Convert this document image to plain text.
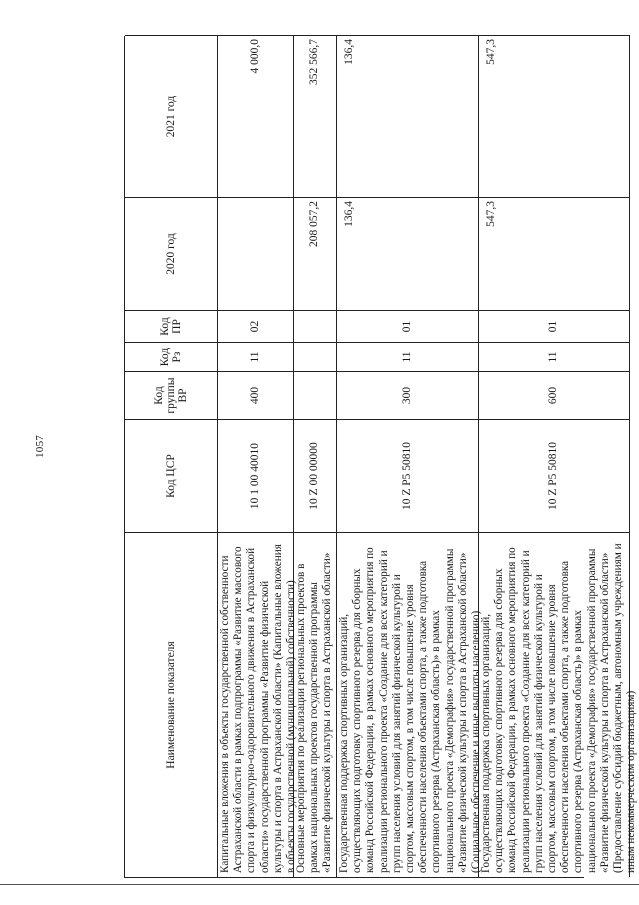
1057
Наименование показателя
Код ЦСР
Код группы ВР
Код Рз
Код ПР
2020 год
2021 год
Капитальные вложения в объекты государственной собственности Астраханской области в рамках подпрограммы «Развитие массового спорта и физкультурно-оздоровительного движения в Астраханской области» государственной программы «Развитие физической культуры и спорта в Астраханской области» (Капитальные вложения в объекты государственной (муниципальной) собственности)
10 1 00 40010
400
11
02
4 000,0
Основные мероприятия по реализации региональных проектов в рамках национальных проектов государственной программы «Развитие физической культуры и спорта в Астраханской области»
10 Z 00 00000
208 057,2
352 566,7
Государственная поддержка спортивных организаций, осуществляющих подготовку спортивного резерва для сборных команд Российской Федерации, в рамках основного мероприятия по реализации регионального проекта «Создание для всех категорий и групп населения условий для занятий физической культурой и спортом, массовым спортом, в том числе повышение уровня обеспеченности населения объектами спорта, а также подготовка спортивного резерва (Астраханская область)» в рамках национального проекта «Демография» государственной программы «Развитие физической культуры и спорта в Астраханской области» (Социальное обеспечение и иные выплаты населению)
10 Z P5 50810
300
11
01
136,4
136,4
Государственная поддержка спортивных организаций, осуществляющих подготовку спортивного резерва для сборных команд Российской Федерации, в рамках основного мероприятия по реализации регионального проекта «Создание для всех категорий и групп населения условий для занятий физической культурой и спортом, массовым спортом, в том числе повышение уровня обеспеченности населения объектами спорта, а также подготовка спортивного резерва (Астраханская область)» в рамках национального проекта «Демография» государственной программы «Развитие физической культуры и спорта в Астраханской области» (Предоставление субсидий бюджетным, автономным учреждениям и иным некоммерческим организациям)
10 Z P5 50810
600
11
01
547,3
547,3
